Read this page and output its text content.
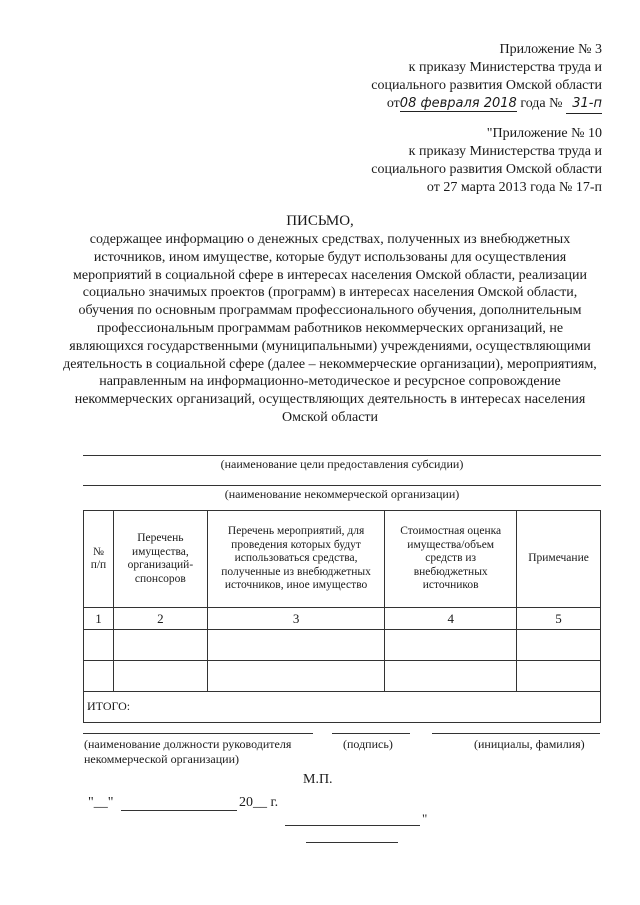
Приложение № 3
к приказу Министерства труда и
социального развития Омской области
от08 февраля 2018 года № 31-п
"Приложение № 10
к приказу Министерства труда и
социального развития Омской области
от 27 марта 2013 года № 17-п
ПИСЬМО,
содержащее информацию о денежных средствах, полученных из внебюджетных источников, ином имуществе, которые будут использованы для осуществления мероприятий в социальной сфере в интересах населения Омской области, реализации социально значимых проектов (программ) в интересах населения Омской области, обучения по основным программам профессионального обучения, дополнительным профессиональным программам работников некоммерческих организаций, не являющихся государственными (муниципальными) учреждениями, осуществляющими деятельность в социальной сфере (далее – некоммерческие организации), мероприятиям, направленным на информационно-методическое и ресурсное сопровождение некоммерческих организаций, осуществляющих деятельность в интересах населения Омской области
(наименование цели предоставления субсидии)
(наименование некоммерческой организации)
№ п/п	Перечень имущества, организаций-спонсоров	Перечень мероприятий, для проведения которых будут использоваться средства, полученные из внебюджетных источников, иное имущество	Стоимостная оценка имущества/объем средств из внебюджетных источников	Примечание
1	2	3	4	5

ИТОГО:				
(наименование должности руководителя некоммерческой организации)
(подпись)	(инициалы, фамилия)
М.П.
"__"	20__ г.
"
